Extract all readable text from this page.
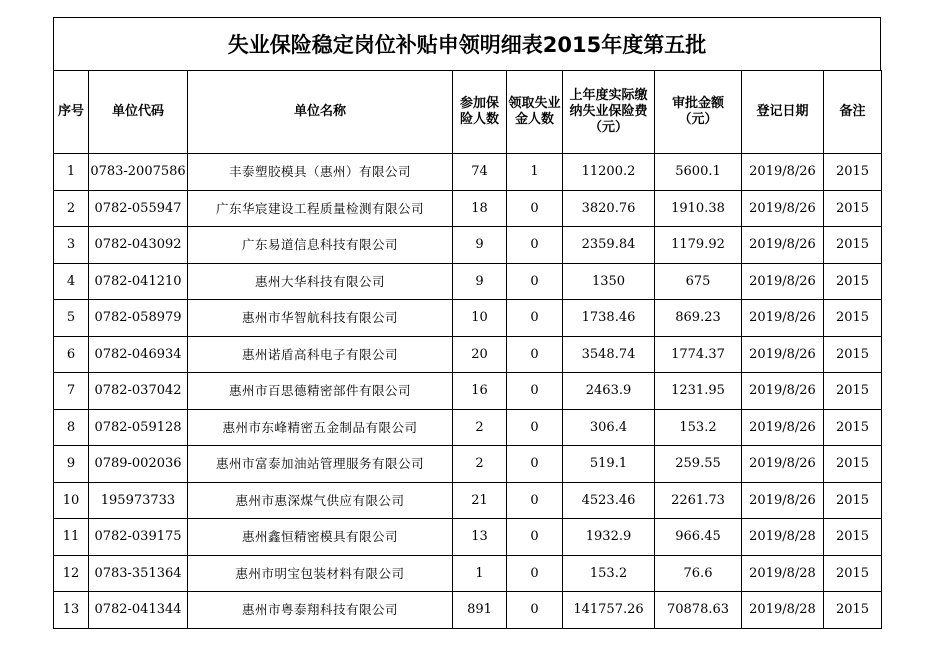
失业保险稳定岗位补贴申领明细表2015年度第五批
序号	单位代码	单位名称	参加保险人数	领取失业金人数	上年度实际缴纳失业保险费（元）	审批金额（元）	登记日期	备注
1	0783-2007586	丰泰塑胶模具（惠州）有限公司	74	1	11200.2	5600.1	2019/8/26	2015
2	0782-055947	广东华宸建设工程质量检测有限公司	18	0	3820.76	1910.38	2019/8/26	2015
3	0782-043092	广东易道信息科技有限公司	9	0	2359.84	1179.92	2019/8/26	2015
4	0782-041210	惠州大华科技有限公司	9	0	1350	675	2019/8/26	2015
5	0782-058979	惠州市华智航科技有限公司	10	0	1738.46	869.23	2019/8/26	2015
6	0782-046934	惠州诺盾高科电子有限公司	20	0	3548.74	1774.37	2019/8/26	2015
7	0782-037042	惠州市百思德精密部件有限公司	16	0	2463.9	1231.95	2019/8/26	2015
8	0782-059128	惠州市东峰精密五金制品有限公司	2	0	306.4	153.2	2019/8/26	2015
9	0789-002036	惠州市富泰加油站管理服务有限公司	2	0	519.1	259.55	2019/8/26	2015
10	195973733	惠州市惠深煤气供应有限公司	21	0	4523.46	2261.73	2019/8/26	2015
11	0782-039175	惠州鑫恒精密模具有限公司	13	0	1932.9	966.45	2019/8/28	2015
12	0783-351364	惠州市明宝包装材料有限公司	1	0	153.2	76.6	2019/8/28	2015
13	0782-041344	惠州市粤泰翔科技有限公司	891	0	141757.26	70878.63	2019/8/28	2015
